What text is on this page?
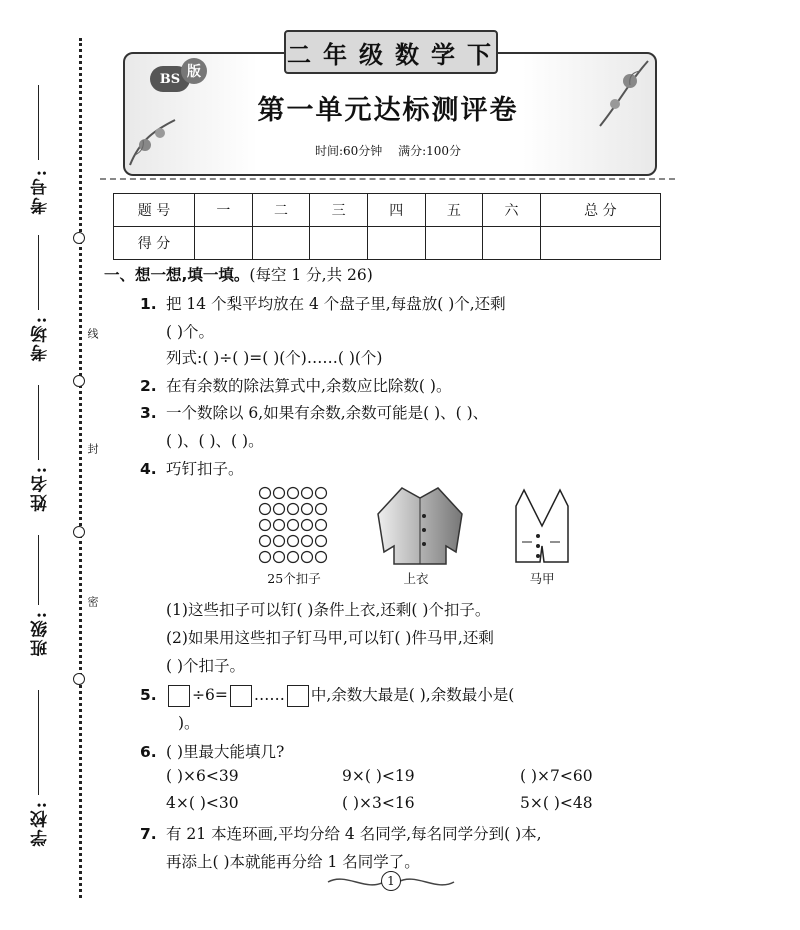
考号:
考场:
姓名:
班级:
学校:
线
封
密
二 年 级 数 学 下
BS 版
第一单元达标测评卷
时间:60分钟 满分:100分
题 号	一	二	三	四	五	六	总 分
得 分							
一、想一想,填一填。(每空 1 分,共 26)
1. 把 14 个梨平均放在 4 个盘子里,每盘放( )个,还剩
( )个。
列式:( )÷( )=( )(个)……( )(个)
2. 在有余数的除法算式中,余数应比除数( )。
3. 一个数除以 6,如果有余数,余数可能是( )、( )、
( )、( )、( )。
4. 巧钉扣子。
25个扣子	上衣	马甲
(1)这些扣子可以钉( )条件上衣,还剩( )个扣子。
(2)如果用这些扣子钉马甲,可以钉( )件马甲,还剩
( )个扣子。
5. ÷6= …… 中,余数大最是( ),余数最小是(
)。
6. ( )里最大能填几?
( )×6<39	9×( )<19	( )×7<60
4×( )<30	( )×3<16	5×( )<48
7. 有 21 本连环画,平均分给 4 名同学,每名同学分到( )本,
再添上( )本就能再分给 1 名同学了。
1
